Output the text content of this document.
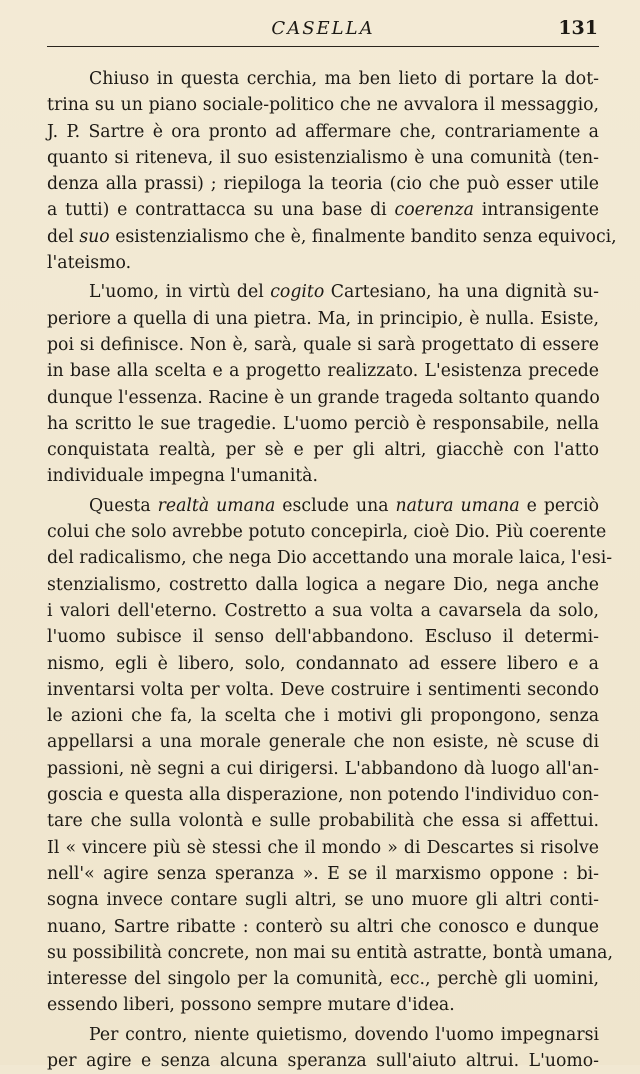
CASELLA	131
Chiuso in questa cerchia, ma ben lieto di portare la dot-
trina su un piano sociale-politico che ne avvalora il messaggio,
J. P. Sartre è ora pronto ad affermare che, contrariamente a
quanto si riteneva, il suo esistenzialismo è una comunità (ten-
denza alla prassi) ; riepiloga la teoria (cio che può esser utile
a tutti) e contrattacca su una base di coerenza intransigente
del suo esistenzialismo che è, finalmente bandito senza equivoci,
l'ateismo.
L'uomo, in virtù del cogito Cartesiano, ha una dignità su-
periore a quella di una pietra. Ma, in principio, è nulla. Esiste,
poi si definisce. Non è, sarà, quale si sarà progettato di essere
in base alla scelta e a progetto realizzato. L'esistenza precede
dunque l'essenza. Racine è un grande trageda soltanto quando
ha scritto le sue tragedie. L'uomo perciò è responsabile, nella
conquistata realtà, per sè e per gli altri, giacchè con l'atto
individuale impegna l'umanità.
Questa realtà umana esclude una natura umana e perciò
colui che solo avrebbe potuto concepirla, cioè Dio. Più coerente
del radicalismo, che nega Dio accettando una morale laica, l'esi-
stenzialismo, costretto dalla logica a negare Dio, nega anche
i valori dell'eterno. Costretto a sua volta a cavarsela da solo,
l'uomo subisce il senso dell'abbandono. Escluso il determi-
nismo, egli è libero, solo, condannato ad essere libero e a
inventarsi volta per volta. Deve costruire i sentimenti secondo
le azioni che fa, la scelta che i motivi gli propongono, senza
appellarsi a una morale generale che non esiste, nè scuse di
passioni, nè segni a cui dirigersi. L'abbandono dà luogo all'an-
goscia e questa alla disperazione, non potendo l'individuo con-
tare che sulla volontà e sulle probabilità che essa si affettui.
Il « vincere più sè stessi che il mondo » di Descartes si risolve
nell'« agire senza speranza ». E se il marxismo oppone : bi-
sogna invece contare sugli altri, se uno muore gli altri conti-
nuano, Sartre ribatte : conterò su altri che conosco e dunque
su possibilità concrete, non mai su entità astratte, bontà umana,
interesse del singolo per la comunità, ecc., perchè gli uomini,
essendo liberi, possono sempre mutare d'idea.
Per contro, niente quietismo, dovendo l'uomo impegnarsi
per agire e senza alcuna speranza sull'aiuto altrui. L'uomo-
